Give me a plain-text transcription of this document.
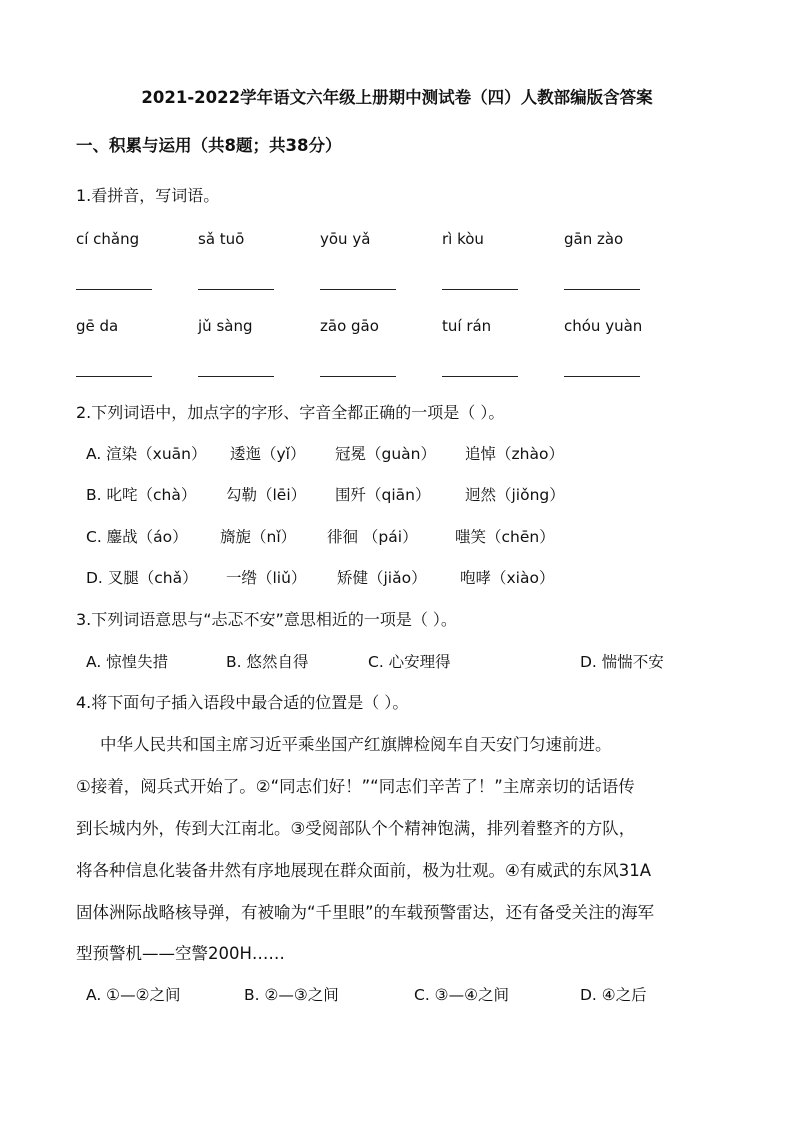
2021-2022学年语文六年级上册期中测试卷（四）人教部编版含答案
一、积累与运用（共8题；共38分）
1.看拼音，写词语。
cí chǎng	sǎ tuō	yōu yǎ	rì kòu	gān zào
gē da	jǔ sàng	zāo gāo	tuí rán	chóu yuàn
2.下列词语中，加点字的字形、字音全都正确的一项是（ ）。
A. 渲染（xuān） 逶迤（yǐ） 冠冕（guàn） 追悼（zhào）
B. 叱咤（chà） 勾勒（lēi） 围歼（qiān） 迥然（jiǒng）
C. 鏖战（áo） 旖旎（nǐ） 徘徊 （pái） 嗤笑（chēn）
D. 叉腿（chǎ） 一绺（liǔ） 矫健（jiǎo） 咆哮（xiào）
3.下列词语意思与“忐忑不安”意思相近的一项是（ ）。
A. 惊惶失措	B. 悠然自得	C. 心安理得	D. 惴惴不安
4.将下面句子插入语段中最合适的位置是（ ）。
中华人民共和国主席习近平乘坐国产红旗牌检阅车自天安门匀速前进。
①接着，阅兵式开始了。②“同志们好！”“同志们辛苦了！”主席亲切的话语传
到长城内外，传到大江南北。③受阅部队个个精神饱满，排列着整齐的方队，
将各种信息化装备井然有序地展现在群众面前，极为壮观。④有威武的东风31A
固体洲际战略核导弹，有被喻为“千里眼”的车载预警雷达，还有备受关注的海军
型预警机——空警200H……
A. ①—②之间	B. ②—③之间	C. ③—④之间	D. ④之后
